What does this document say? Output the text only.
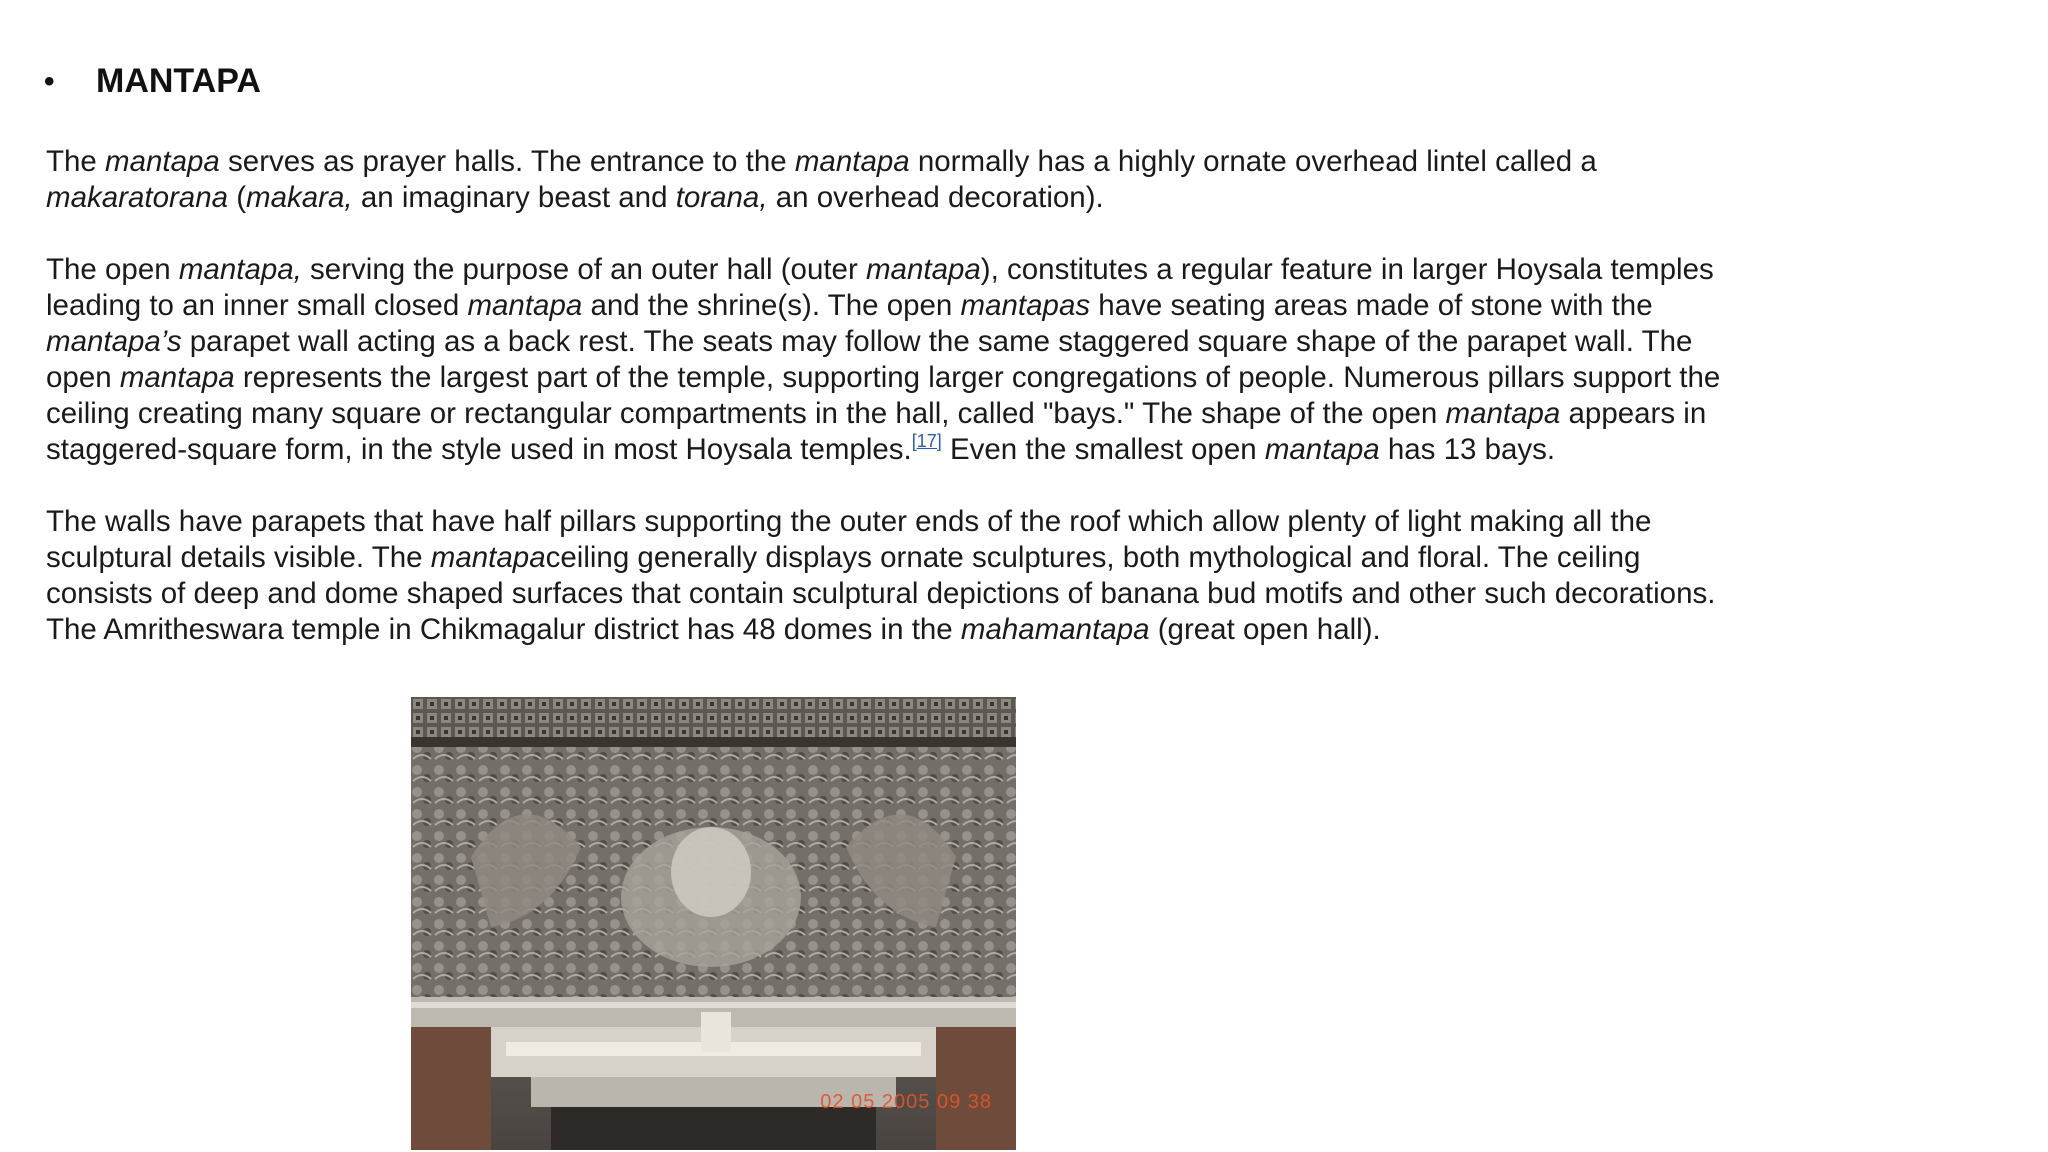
•	MANTAPA

The mantapa serves as prayer halls. The entrance to the mantapa normally has a highly ornate overhead lintel called a makaratorana (makara, an imaginary beast and torana, an overhead decoration).

The open mantapa, serving the purpose of an outer hall (outer mantapa), constitutes a regular feature in larger Hoysala temples leading to an inner small closed mantapa and the shrine(s). The open mantapas have seating areas made of stone with the mantapa’s parapet wall acting as a back rest. The seats may follow the same staggered square shape of the parapet wall. The open mantapa represents the largest part of the temple, supporting larger congregations of people. Numerous pillars support the ceiling creating many square or rectangular compartments in the hall, called "bays." The shape of the open mantapa appears in staggered-square form, in the style used in most Hoysala temples.[17] Even the smallest open mantapa has 13 bays.

The walls have parapets that have half pillars supporting the outer ends of the roof which allow plenty of light making all the sculptural details visible. The mantapaceiling generally displays ornate sculptures, both mythological and floral. The ceiling consists of deep and dome shaped surfaces that contain sculptural depictions of banana bud motifs and other such decorations. The Amritheswara temple in Chikmagalur district has 48 domes in the mahamantapa (great open hall).

02 05 2005 09 38
